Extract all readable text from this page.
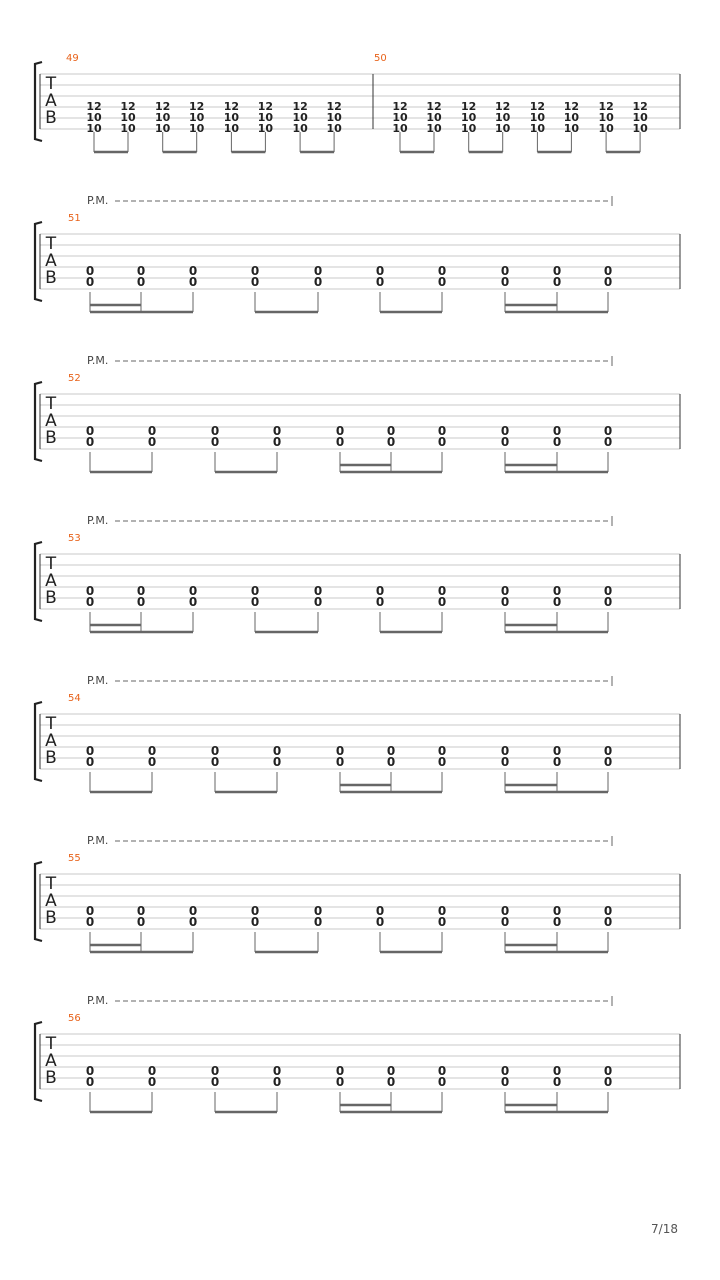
T
A
B
49
12
10
10
12
10
10
12
10
10
12
10
10
12
10
10
12
10
10
12
10
10
12
10
10
50
12
10
10
12
10
10
12
10
10
12
10
10
12
10
10
12
10
10
12
10
10
12
10
10
T
A
B
P.M.
51
0
0
0
0
0
0
0
0
0
0
0
0
0
0
0
0
0
0
0
0
T
A
B
P.M.
52
0
0
0
0
0
0
0
0
0
0
0
0
0
0
0
0
0
0
0
0
T
A
B
P.M.
53
0
0
0
0
0
0
0
0
0
0
0
0
0
0
0
0
0
0
0
0
T
A
B
P.M.
54
0
0
0
0
0
0
0
0
0
0
0
0
0
0
0
0
0
0
0
0
T
A
B
P.M.
55
0
0
0
0
0
0
0
0
0
0
0
0
0
0
0
0
0
0
0
0
T
A
B
P.M.
56
0
0
0
0
0
0
0
0
0
0
0
0
0
0
0
0
0
0
0
0
7/18
